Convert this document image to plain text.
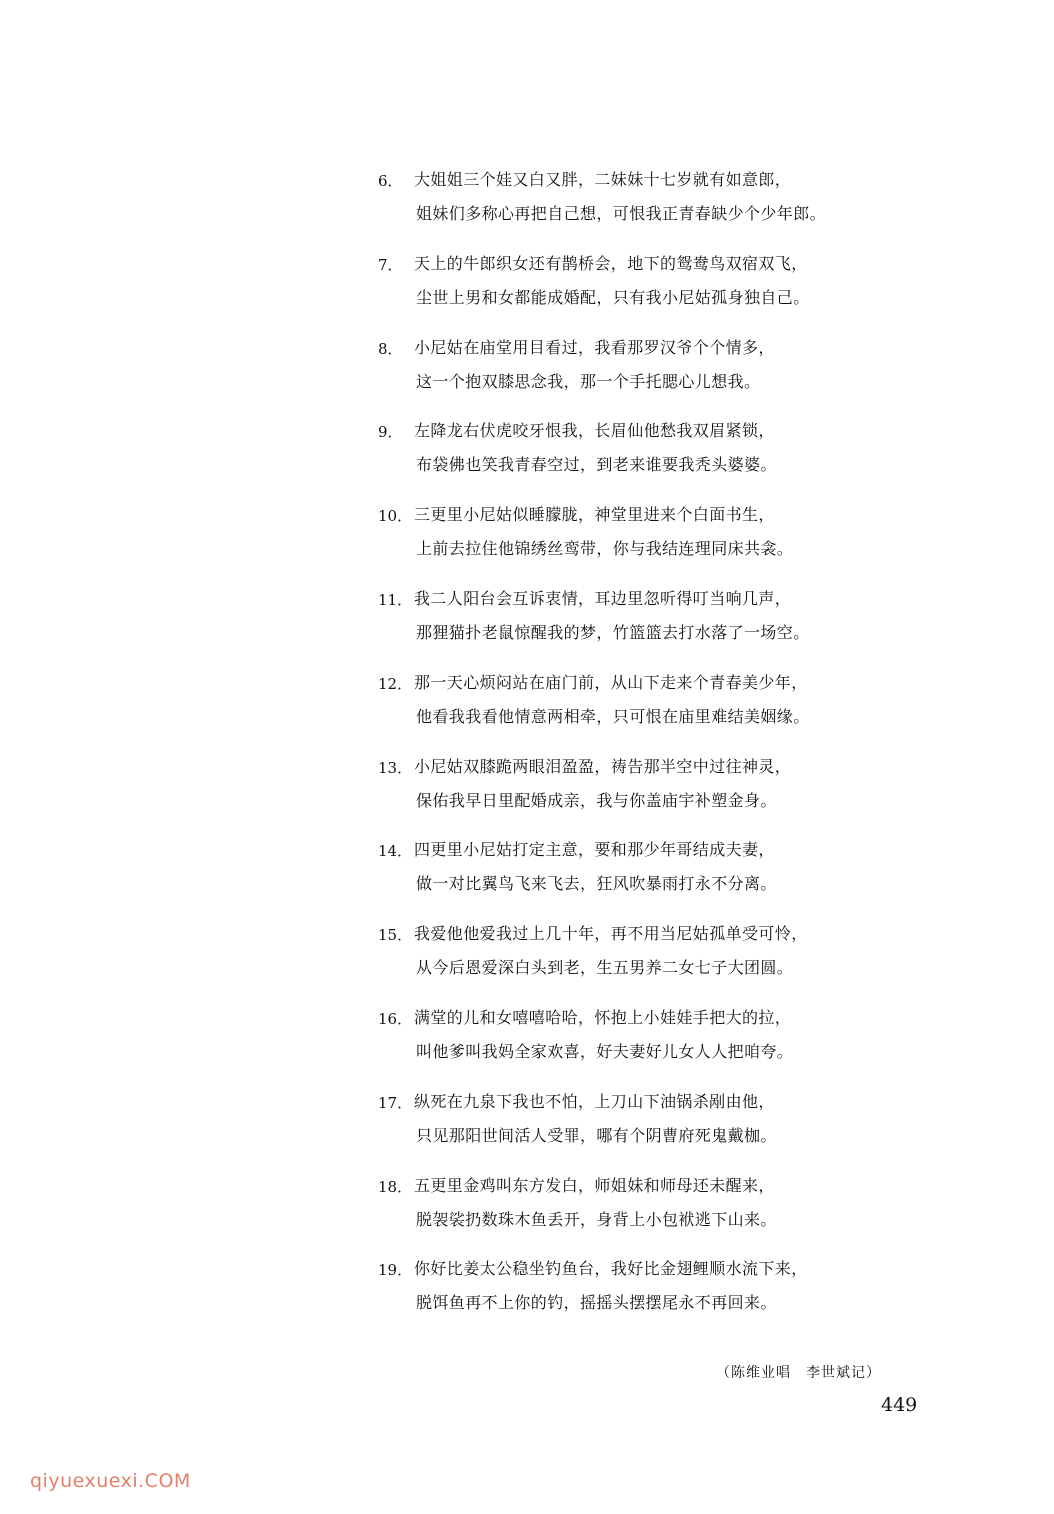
6． 大姐姐三个娃又白又胖，二妹妹十七岁就有如意郎，
姐妹们多称心再把自己想，可恨我正青春缺少个少年郎。
7． 天上的牛郎织女还有鹊桥会，地下的鸳鸯鸟双宿双飞，
尘世上男和女都能成婚配，只有我小尼姑孤身独自己。
8． 小尼姑在庙堂用目看过，我看那罗汉爷个个情多，
这一个抱双膝思念我，那一个手托腮心儿想我。
9． 左降龙右伏虎咬牙恨我，长眉仙他愁我双眉紧锁，
布袋佛也笑我青春空过，到老来谁要我秃头婆婆。
10． 三更里小尼姑似睡朦胧，神堂里进来个白面书生，
上前去拉住他锦绣丝鸾带，你与我结连理同床共衾。
11． 我二人阳台会互诉衷情，耳边里忽听得叮当响几声，
那狸猫扑老鼠惊醒我的梦，竹篮篮去打水落了一场空。
12． 那一天心烦闷站在庙门前，从山下走来个青春美少年，
他看我我看他情意两相牵，只可恨在庙里难结美姻缘。
13． 小尼姑双膝跪两眼泪盈盈，祷告那半空中过往神灵，
保佑我早日里配婚成亲，我与你盖庙宇补塑金身。
14． 四更里小尼姑打定主意，要和那少年哥结成夫妻，
做一对比翼鸟飞来飞去，狂风吹暴雨打永不分离。
15． 我爱他他爱我过上几十年，再不用当尼姑孤单受可怜，
从今后恩爱深白头到老，生五男养二女七子大团圆。
16． 满堂的儿和女嘻嘻哈哈，怀抱上小娃娃手把大的拉，
叫他爹叫我妈全家欢喜，好夫妻好儿女人人把咱夸。
17． 纵死在九泉下我也不怕，上刀山下油锅杀剐由他，
只见那阳世间活人受罪，哪有个阴曹府死鬼戴枷。
18． 五更里金鸡叫东方发白，师姐妹和师母还未醒来，
脱袈裟扔数珠木鱼丢开，身背上小包袱逃下山来。
19． 你好比姜太公稳坐钓鱼台，我好比金翅鲤顺水流下来，
脱饵鱼再不上你的钓，摇摇头摆摆尾永不再回来。
（陈维业唱　李世斌记）
449
qiyuexuexi.COM
